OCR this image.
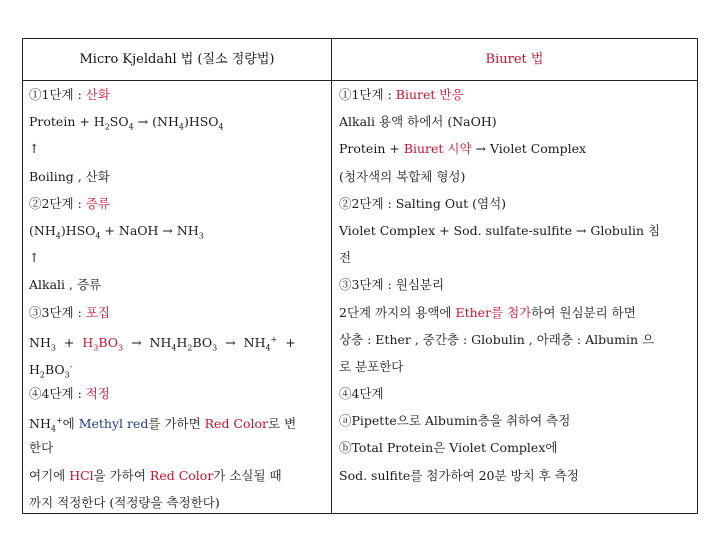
Micro Kjeldahl 법 (질소 정량법)	Biuret 법
①1단계 : 산화
Protein + $H_2SO_4 \to (NH_4)HSO_4$
↑
Boiling , 산화
②2단계 : 증류
$(NH_4)HSO_4$ + NaOH → $NH_3$
↑
Alkali , 증류
③3단계 : 포집
$NH_3 + H_3BO_3 \to NH_4H_2BO_3 \to NH_4^+$ +
$H_2BO_3^-$
④4단계 : 적정
$NH_4^+$에 Methyl red를 가하면 Red Color로 변
한다
여기에 HCl을 가하여 Red Color가 소실될 때
까지 적정한다 (적정량을 측정한다)
①1단계 : Biuret 반응
Alkali 용액 하에서 (NaOH)
Protein + Biuret 시약 → Violet Complex
(청자색의 복합체 형성)
②2단계 : Salting Out (염석)
Violet Complex + Sod. sulfate-sulfite → Globulin 침
전
③3단계 : 원심분리
2단계 까지의 용액에 Ether를 첨가하여 원심분리 하면
상층 : Ether , 중간층 : Globulin , 아래층 : Albumin 으
로 분포한다
④4단계
ⓐPipette으로 Albumin층을 취하여 측정
ⓑTotal Protein은 Violet Complex에
Sod. sulfite를 첨가하여 20분 방치 후 측정
